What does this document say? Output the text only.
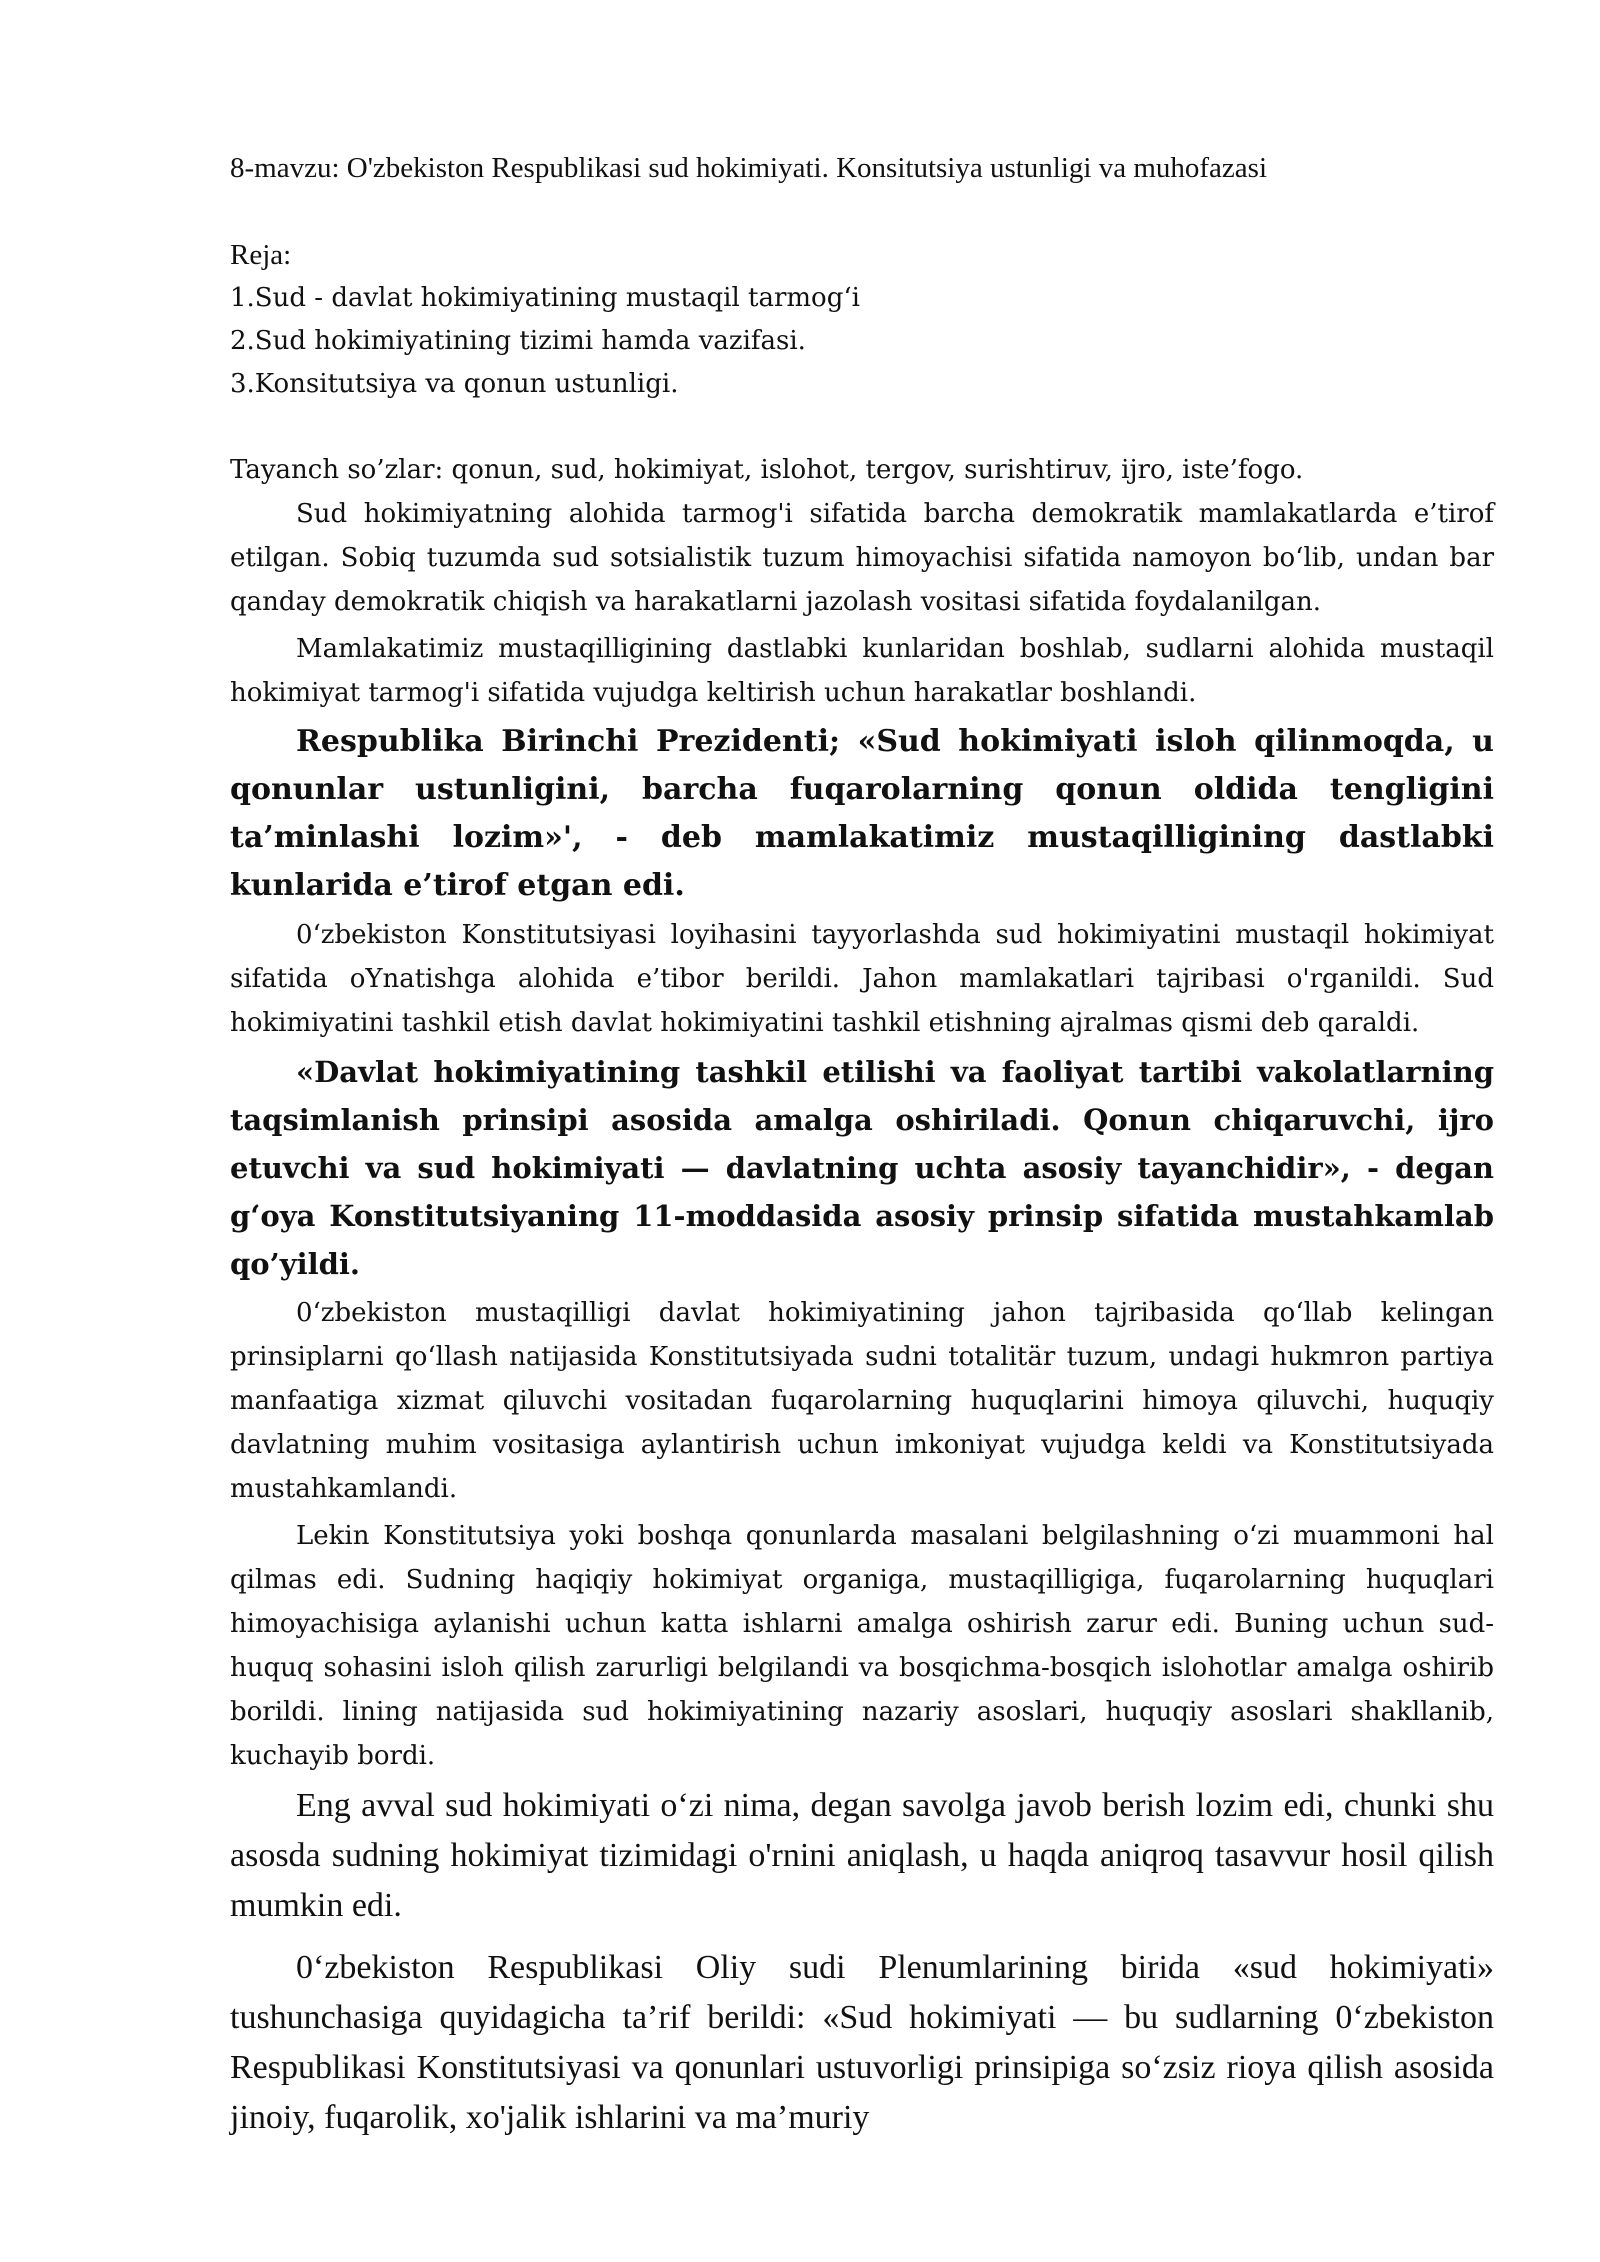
8-mavzu: O'zbekiston Respublikasi sud hokimiyati. Konsitutsiya ustunligi va muhofazasi

Reja:
1.Sud - davlat hokimiyatining mustaqil tarmog‘i
2.Sud hokimiyatining tizimi hamda vazifasi.
3.Konsitutsiya va qonun ustunligi.

Tayanch so’zlar: qonun, sud, hokimiyat, islohot, tergov, surishtiruv, ijro, iste’fogo.

Sud hokimiyatning alohida tarmog'i sifatida barcha demokratik mamlakatlarda e’tirof etilgan. Sobiq tuzumda sud sotsialistik tuzum himoyachisi sifatida namoyon bo‘lib, undan bar qanday demokratik chiqish va harakatlarni jazolash vositasi sifatida foydalanilgan.

Mamlakatimiz mustaqilligining dastlabki kunlaridan boshlab, sudlarni alohida mustaqil hokimiyat tarmog'i sifatida vujudga keltirish uchun harakatlar boshlandi.

Respublika Birinchi Prezidenti; «Sud hokimiyati isloh qilinmoqda, u qonunlar ustunligini, barcha fuqarolarning qonun oldida tengligini ta’minlashi lozim»', - deb mamlakatimiz mustaqilligining dastlabki kunlarida e’tirof etgan edi.

0‘zbekiston Konstitutsiyasi loyihasini tayyorlashda sud hokimiyatini mustaqil hokimiyat sifatida oYnatishga alohida e’tibor berildi. Jahon mamlakatlari tajribasi o'rganildi. Sud hokimiyatini tashkil etish davlat hokimiyatini tashkil etishning ajralmas qismi deb qaraldi.

«Davlat hokimiyatining tashkil etilishi va faoliyat tartibi vakolatlarning taqsimlanish prinsipi asosida amalga oshiriladi. Qonun chiqaruvchi, ijro etuvchi va sud hokimiyati — davlatning uchta asosiy tayanchidir», - degan g‘oya Konstitutsiyaning 11-moddasida asosiy prinsip sifatida mustahkamlab qo’yildi.

0‘zbekiston mustaqilligi davlat hokimiyatining jahon tajribasida qo‘llab kelingan prinsiplarni qo‘llash natijasida Konstitutsiyada sudni totalitär tuzum, undagi hukmron partiya manfaatiga xizmat qiluvchi vositadan fuqarolarning huquqlarini himoya qiluvchi, huquqiy davlatning muhim vositasiga aylantirish uchun imkoniyat vujudga keldi va Konstitutsiyada mustahkamlandi.

Lekin Konstitutsiya yoki boshqa qonunlarda masalani belgilashning o‘zi muammoni hal qilmas edi. Sudning haqiqiy hokimiyat organiga, mustaqilligiga, fuqarolarning huquqlari himoyachisiga aylanishi uchun katta ishlarni amalga oshirish zarur edi. Buning uchun sud-huquq sohasini isloh qilish zarurligi belgilandi va bosqichma-bosqich islohotlar amalga oshirib borildi. lining natijasida sud hokimiyatining nazariy asoslari, huquqiy asoslari shakllanib, kuchayib bordi.

Eng avval sud hokimiyati o‘zi nima, degan savolga javob berish lozim edi, chunki shu asosda sudning hokimiyat tizimidagi o'rnini aniqlash, u haqda aniqroq tasavvur hosil qilish mumkin edi.

0‘zbekiston Respublikasi Oliy sudi Plenumlarining birida «sud hokimiyati» tushunchasiga quyidagicha ta’rif berildi: «Sud hokimiyati — bu sudlarning 0‘zbekiston Respublikasi Konstitutsiyasi va qonunlari ustuvorligi prinsipiga so‘zsiz rioya qilish asosida jinoiy, fuqarolik, xo'jalik ishlarini va ma’muriy
